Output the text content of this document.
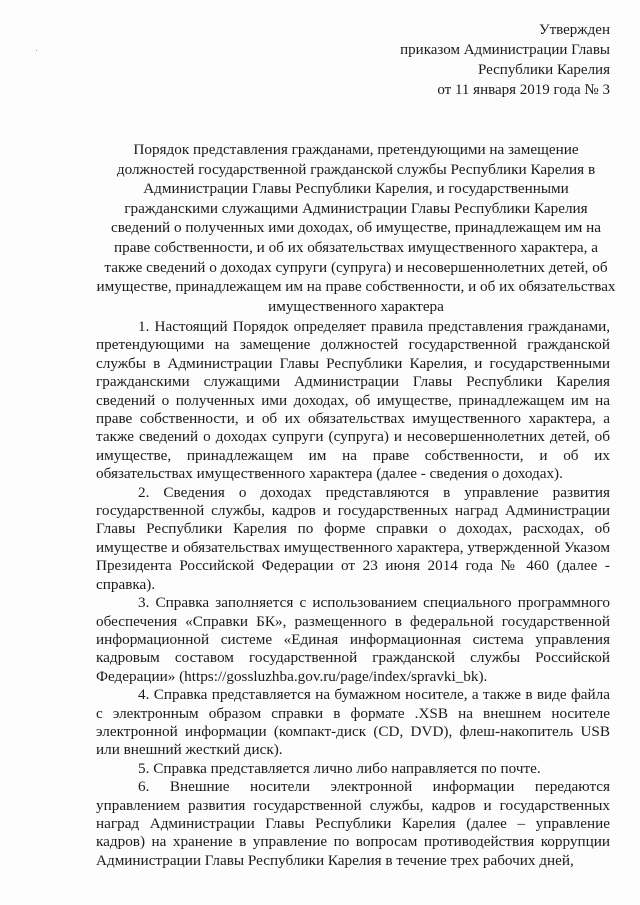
Утвержден
приказом Администрации Главы
Республики Карелия
от 11 января 2019 года № 3
Порядок представления гражданами, претендующими на замещение должностей государственной гражданской службы Республики Карелия в Администрации Главы Республики Карелия, и государственными гражданскими служащими Администрации Главы Республики Карелия сведений о полученных ими доходах, об имуществе, принадлежащем им на праве собственности, и об их обязательствах имущественного характера, а также сведений о доходах супруги (супруга) и несовершеннолетних детей, об имуществе, принадлежащем им на праве собственности, и об их обязательствах имущественного характера

1. Настоящий Порядок определяет правила представления гражданами, претендующими на замещение должностей государственной гражданской службы в Администрации Главы Республики Карелия, и государственными гражданскими служащими Администрации Главы Республики Карелия сведений о полученных ими доходах, об имуществе, принадлежащем им на праве собственности, и об их обязательствах имущественного характера, а также сведений о доходах супруги (супруга) и несовершеннолетних детей, об имуществе, принадлежащем им на праве собственности, и об их обязательствах имущественного характера (далее - сведения о доходах).

2. Сведения о доходах представляются в управление развития государственной службы, кадров и государственных наград Администрации Главы Республики Карелия по форме справки о доходах, расходах, об имуществе и обязательствах имущественного характера, утвержденной Указом Президента Российской Федерации от 23 июня 2014 года № 460 (далее - справка).

3. Справка заполняется с использованием специального программного обеспечения «Справки БК», размещенного в федеральной государственной информационной системе «Единая информационная система управления кадровым составом государственной гражданской службы Российской Федерации» (https://gossluzhba.gov.ru/page/index/spravki_bk).

4. Справка представляется на бумажном носителе, а также в виде файла с электронным образом справки в формате .XSB на внешнем носителе электронной информации (компакт-диск (CD, DVD), флеш-накопитель USB или внешний жесткий диск).

5. Справка представляется лично либо направляется по почте.

6. Внешние носители электронной информации передаются управлением развития государственной службы, кадров и государственных наград Администрации Главы Республики Карелия (далее – управление кадров) на хранение в управление по вопросам противодействия коррупции Администрации Главы Республики Карелия в течение трех рабочих дней,
